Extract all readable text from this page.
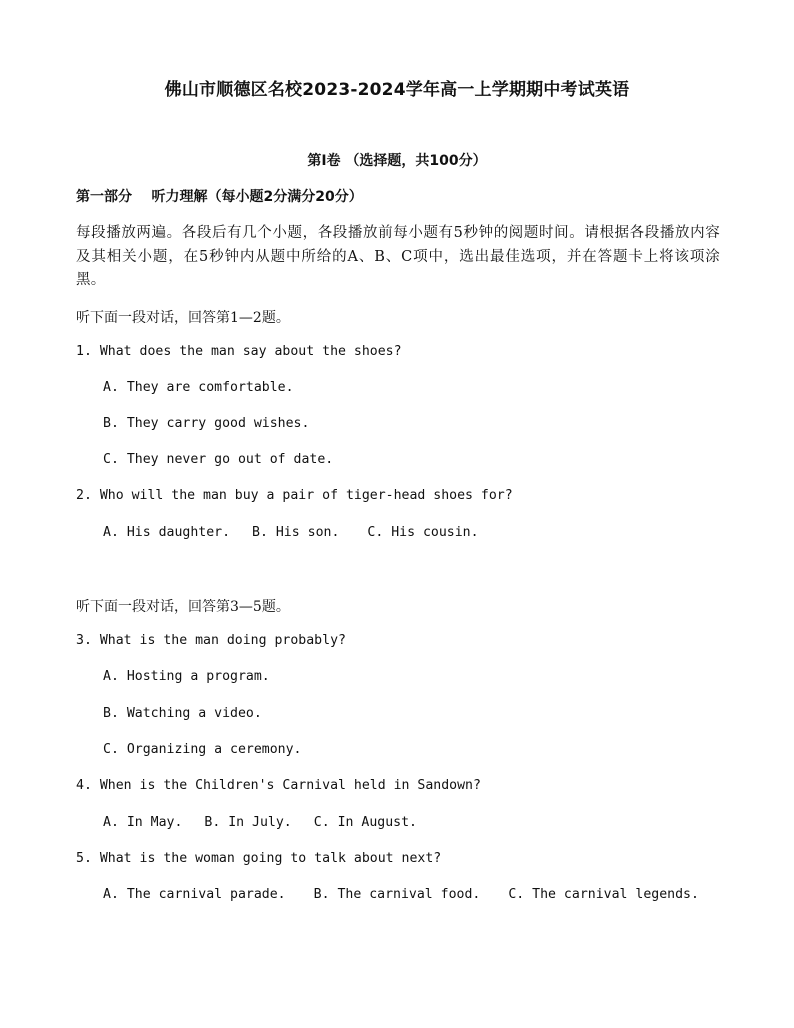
佛山市顺德区名校2023-2024学年高一上学期期中考试英语
第Ⅰ卷 （选择题，共100分）
第一部分 听力理解（每小题2分满分20分）
每段播放两遍。各段后有几个小题，各段播放前每小题有5秒钟的阅题时间。请根据各段播放内容及其相关小题，在5秒钟内从题中所给的A、B、C项中，选出最佳选项，并在答题卡上将该项涂黑。
听下面一段对话，回答第1—2题。
1. What does the man say about the shoes?
A. They are comfortable.
B. They carry good wishes.
C. They never go out of date.
2. Who will the man buy a pair of tiger-head shoes for?
A. His daughter. B. His son. C. His cousin.
听下面一段对话，回答第3—5题。
3. What is the man doing probably?
A. Hosting a program.
B. Watching a video.
C. Organizing a ceremony.
4. When is the Children's Carnival held in Sandown?
A. In May. B. In July. C. In August.
5. What is the woman going to talk about next?
A. The carnival parade. B. The carnival food. C. The carnival legends.
